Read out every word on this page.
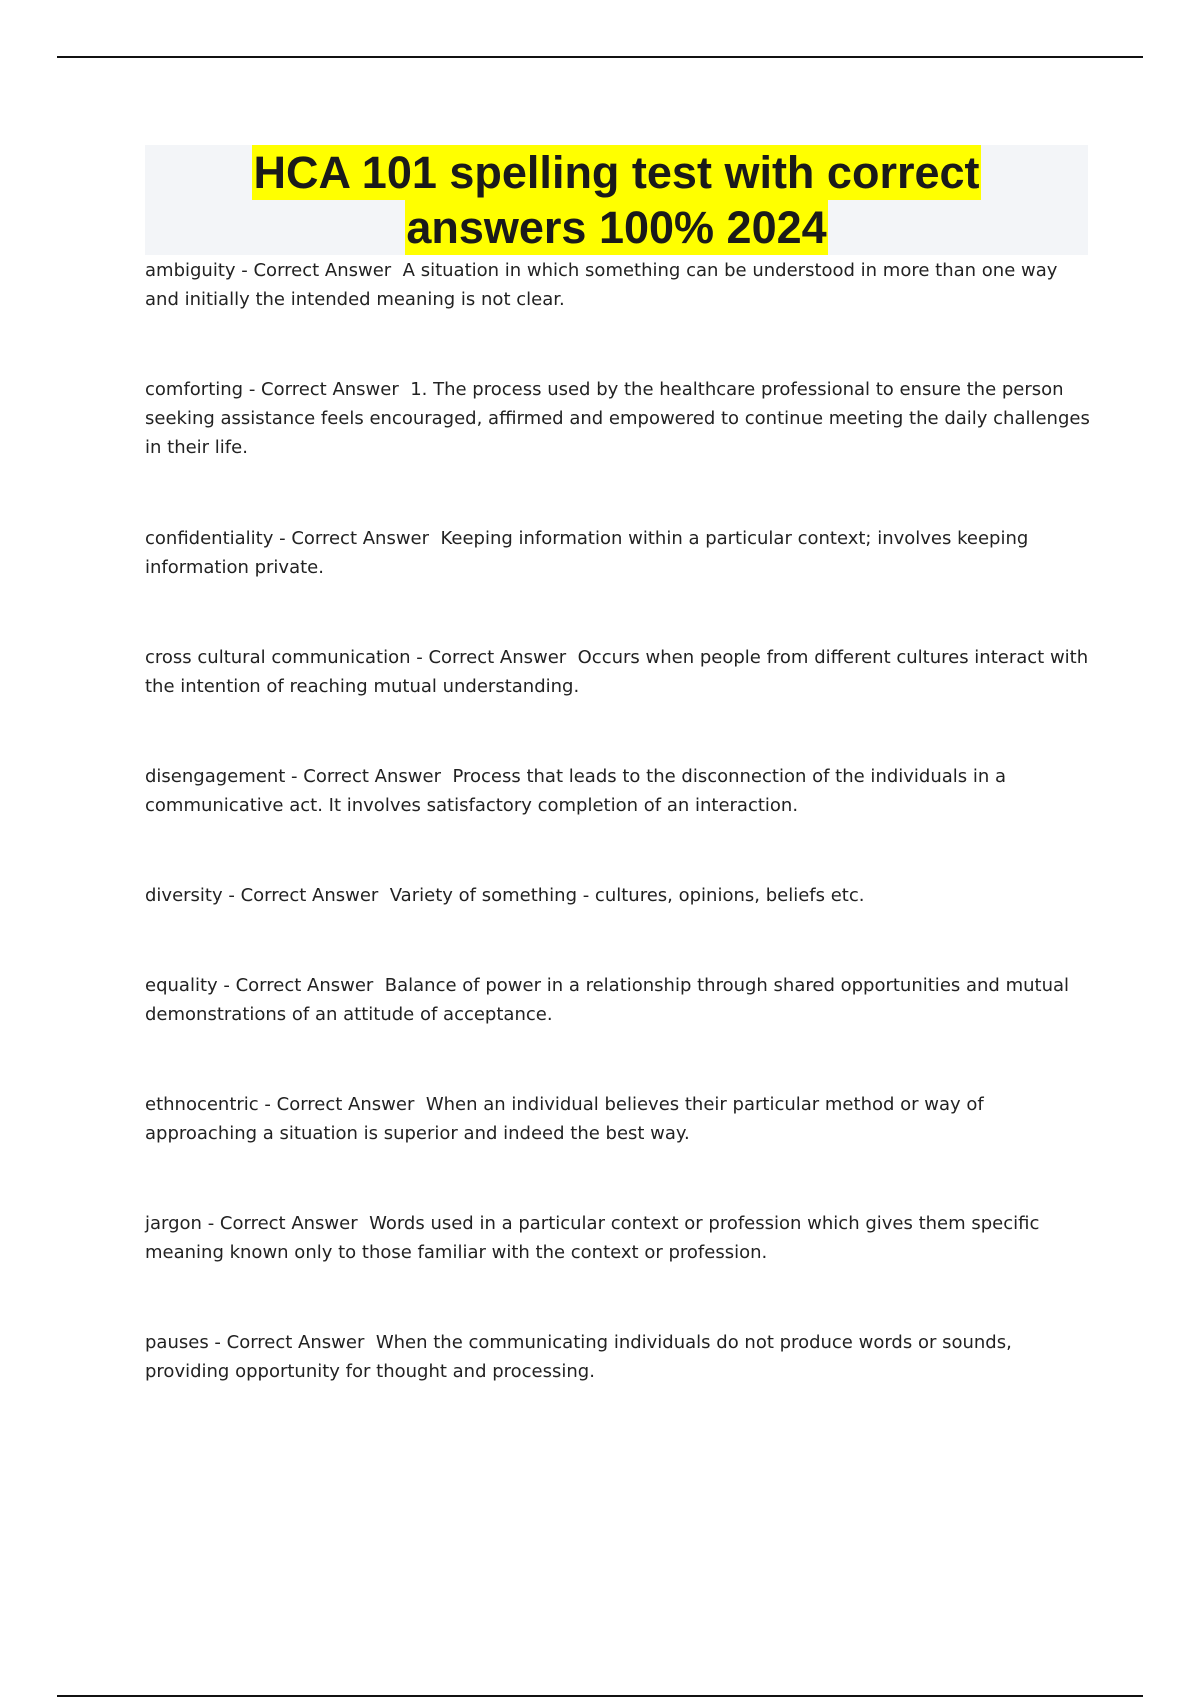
HCA 101 spelling test with correct
answers 100% 2024

ambiguity - Correct Answer  A situation in which something can be understood in more than one way and initially the intended meaning is not clear.

comforting - Correct Answer  1. The process used by the healthcare professional to ensure the person seeking assistance feels encouraged, affirmed and empowered to continue meeting the daily challenges in their life.

confidentiality - Correct Answer  Keeping information within a particular context; involves keeping information private.

cross cultural communication - Correct Answer  Occurs when people from different cultures interact with the intention of reaching mutual understanding.

disengagement - Correct Answer  Process that leads to the disconnection of the individuals in a communicative act. It involves satisfactory completion of an interaction.

diversity - Correct Answer  Variety of something - cultures, opinions, beliefs etc.

equality - Correct Answer  Balance of power in a relationship through shared opportunities and mutual demonstrations of an attitude of acceptance.

ethnocentric - Correct Answer  When an individual believes their particular method or way of approaching a situation is superior and indeed the best way.

jargon - Correct Answer  Words used in a particular context or profession which gives them specific meaning known only to those familiar with the context or profession.

pauses - Correct Answer  When the communicating individuals do not produce words or sounds, providing opportunity for thought and processing.
